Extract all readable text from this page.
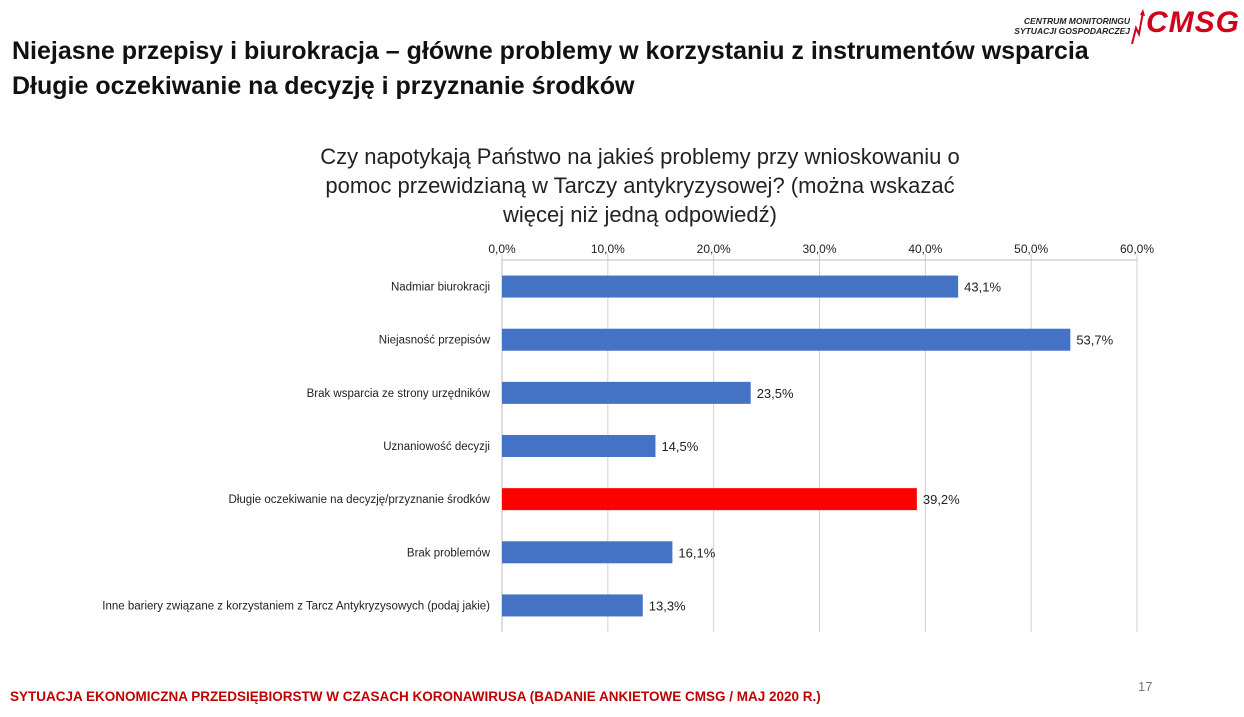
Niejasne przepisy i biurokracja – główne problemy w korzystaniu z instrumentów wsparcia
Długie oczekiwanie na decyzję i przyznanie środków
CENTRUM MONITORINGU
SYTUACJI GOSPODARCZEJ CMSG
Czy napotykają Państwo na jakieś problemy przy wnioskowaniu o pomoc przewidzianą w Tarczy antykryzysowej? (można wskazać więcej niż jedną odpowiedź)
0,0%	10,0%	20,0%	30,0%	40,0%	50,0%	60,0%
Nadmiar biurokracji	43,1%
Niejasność przepisów	53,7%
Brak wsparcia ze strony urzędników	23,5%
Uznaniowość decyzji	14,5%
Długie oczekiwanie na decyzję/przyznanie środków	39,2%
Brak problemów	16,1%
Inne bariery związane z korzystaniem z Tarcz Antykryzysowych (podaj jakie)	13,3%
17
SYTUACJA EKONOMICZNA PRZEDSIĘBIORSTW W CZASACH KORONAWIRUSA (BADANIE ANKIETOWE CMSG / MAJ 2020 R.)
